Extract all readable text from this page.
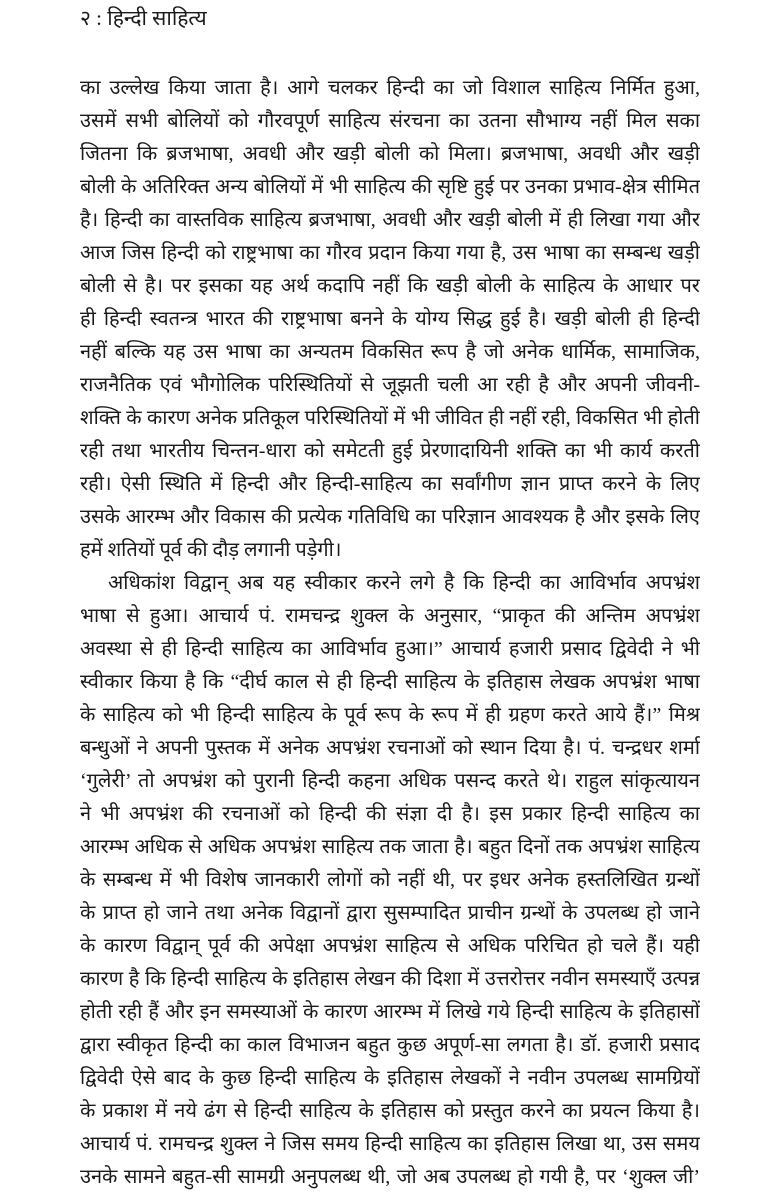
२ : हिन्दी साहित्य
का उल्लेख किया जाता है। आगे चलकर हिन्दी का जो विशाल साहित्य निर्मित हुआ,
उसमें सभी बोलियों को गौरवपूर्ण साहित्य संरचना का उतना सौभाग्य नहीं मिल सका
जितना कि ब्रजभाषा, अवधी और खड़ी बोली को मिला। ब्रजभाषा, अवधी और खड़ी
बोली के अतिरिक्त अन्य बोलियों में भी साहित्य की सृष्टि हुई पर उनका प्रभाव-क्षेत्र सीमित
है। हिन्दी का वास्तविक साहित्य ब्रजभाषा, अवधी और खड़ी बोली में ही लिखा गया और
आज जिस हिन्दी को राष्ट्रभाषा का गौरव प्रदान किया गया है, उस भाषा का सम्बन्ध खड़ी
बोली से है। पर इसका यह अर्थ कदापि नहीं कि खड़ी बोली के साहित्य के आधार पर
ही हिन्दी स्वतन्त्र भारत की राष्ट्रभाषा बनने के योग्य सिद्ध हुई है। खड़ी बोली ही हिन्दी
नहीं बल्कि यह उस भाषा का अन्यतम विकसित रूप है जो अनेक धार्मिक, सामाजिक,
राजनैतिक एवं भौगोलिक परिस्थितियों से जूझती चली आ रही है और अपनी जीवनी-
शक्ति के कारण अनेक प्रतिकूल परिस्थितियों में भी जीवित ही नहीं रही, विकसित भी होती
रही तथा भारतीय चिन्तन-धारा को समेटती हुई प्रेरणादायिनी शक्ति का भी कार्य करती
रही। ऐसी स्थिति में हिन्दी और हिन्दी-साहित्य का सर्वांगीण ज्ञान प्राप्त करने के लिए
उसके आरम्भ और विकास की प्रत्येक गतिविधि का परिज्ञान आवश्यक है और इसके लिए
हमें शतियों पूर्व की दौड़ लगानी पड़ेगी।
अधिकांश विद्वान् अब यह स्वीकार करने लगे है कि हिन्दी का आविर्भाव अपभ्रंश
भाषा से हुआ। आचार्य पं. रामचन्द्र शुक्ल के अनुसार, “प्राकृत की अन्तिम अपभ्रंश
अवस्था से ही हिन्दी साहित्य का आविर्भाव हुआ।” आचार्य हजारी प्रसाद द्विवेदी ने भी
स्वीकार किया है कि “दीर्घ काल से ही हिन्दी साहित्य के इतिहास लेखक अपभ्रंश भाषा
के साहित्य को भी हिन्दी साहित्य के पूर्व रूप के रूप में ही ग्रहण करते आये हैं।” मिश्र
बन्धुओं ने अपनी पुस्तक में अनेक अपभ्रंश रचनाओं को स्थान दिया है। पं. चन्द्रधर शर्मा
‘गुलेरी’ तो अपभ्रंश को पुरानी हिन्दी कहना अधिक पसन्द करते थे। राहुल सांकृत्यायन
ने भी अपभ्रंश की रचनाओं को हिन्दी की संज्ञा दी है। इस प्रकार हिन्दी साहित्य का
आरम्भ अधिक से अधिक अपभ्रंश साहित्य तक जाता है। बहुत दिनों तक अपभ्रंश साहित्य
के सम्बन्ध में भी विशेष जानकारी लोगों को नहीं थी, पर इधर अनेक हस्तलिखित ग्रन्थों
के प्राप्त हो जाने तथा अनेक विद्वानों द्वारा सुसम्पादित प्राचीन ग्रन्थों के उपलब्ध हो जाने
के कारण विद्वान् पूर्व की अपेक्षा अपभ्रंश साहित्य से अधिक परिचित हो चले हैं। यही
कारण है कि हिन्दी साहित्य के इतिहास लेखन की दिशा में उत्तरोत्तर नवीन समस्याएँ उत्पन्न
होती रही हैं और इन समस्याओं के कारण आरम्भ में लिखे गये हिन्दी साहित्य के इतिहासों
द्वारा स्वीकृत हिन्दी का काल विभाजन बहुत कुछ अपूर्ण-सा लगता है। डॉ. हजारी प्रसाद
द्विवेदी ऐसे बाद के कुछ हिन्दी साहित्य के इतिहास लेखकों ने नवीन उपलब्ध सामग्रियों
के प्रकाश में नये ढंग से हिन्दी साहित्य के इतिहास को प्रस्तुत करने का प्रयत्न किया है।
आचार्य पं. रामचन्द्र शुक्ल ने जिस समय हिन्दी साहित्य का इतिहास लिखा था, उस समय
उनके सामने बहुत-सी सामग्री अनुपलब्ध थी, जो अब उपलब्ध हो गयी है, पर ‘शुक्ल जी’
